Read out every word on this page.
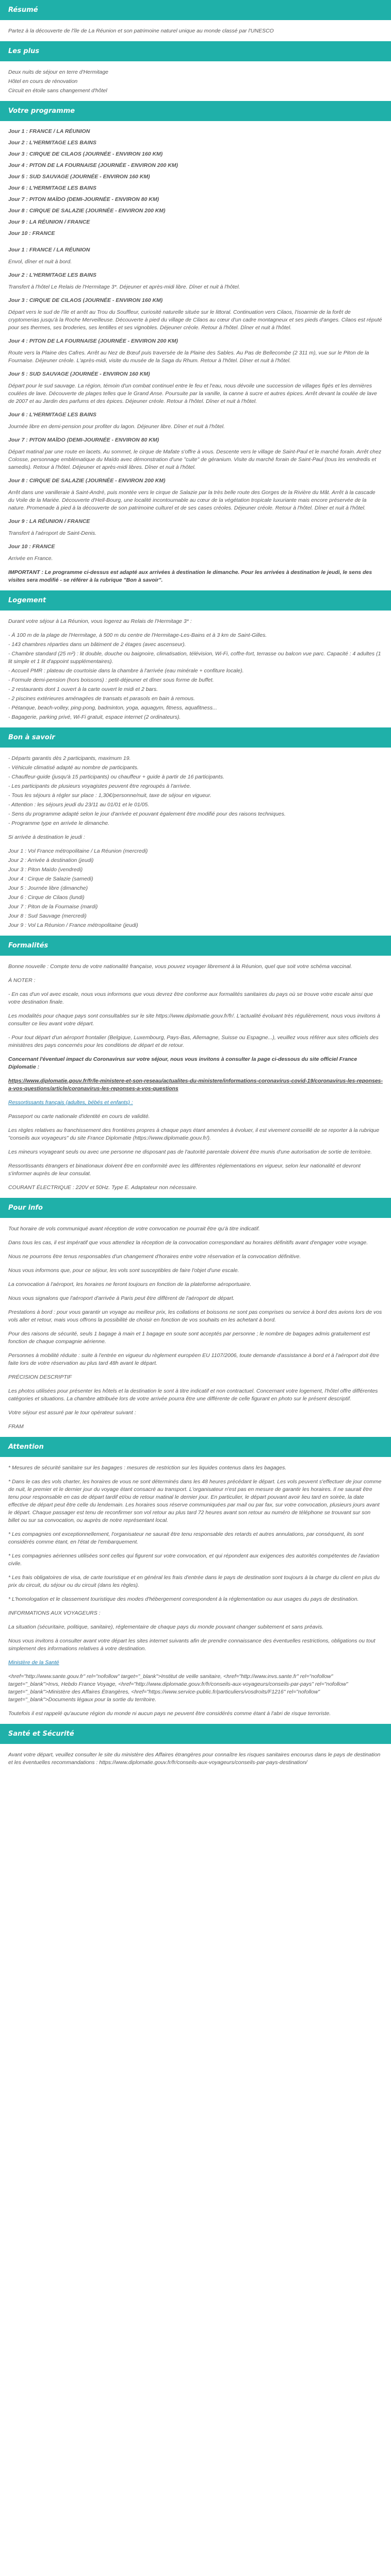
Résumé

Partez à la découverte de l'île de La Réunion et son patrimoine naturel unique au monde classé par l'UNESCO

Les plus
Deux nuits de séjour en terre d'Hermitage
Hôtel en cours de rénovation
Circuit en étoile sans changement d'hôtel
Votre programme
Jour 1 : FRANCE / LA RÉUNION
Jour 2 : L'HERMITAGE LES BAINS
Jour 3 : CIRQUE DE CILAOS (JOURNÉE - ENVIRON 160 KM)
Jour 4 : PITON DE LA FOURNAISE (JOURNÉE - ENVIRON 200 KM)
Jour 5 : SUD SAUVAGE (JOURNÉE - ENVIRON 160 KM)
Jour 6 : L'HERMITAGE LES BAINS
Jour 7 : PITON MAÏDO (DEMI-JOURNÉE - ENVIRON 80 KM)
Jour 8 : CIRQUE DE SALAZIE (JOURNÉE - ENVIRON 200 KM)
Jour 9 : LA RÉUNION / FRANCE
Jour 10 : FRANCE
Jour 1 : FRANCE / LA RÉUNION

Envol, dîner et nuit à bord.

Jour 2 : L'HERMITAGE LES BAINS

Transfert à l'hôtel Le Relais de l'Hermitage 3*. Déjeuner et après-midi libre. Dîner et nuit à l'hôtel.

Jour 3 : CIRQUE DE CILAOS (JOURNÉE - ENVIRON 160 KM)

Départ vers le sud de l'île et arrêt au Trou du Souffleur, curiosité naturelle située sur le littoral. Continuation vers Cilaos, l'isoarmie de la forêt de cryptomerias jusqu'à la Roche Merveilleuse. Découverte à pied du village de Cilaos au cœur d'un cadre montagneux et ses pieds d'anges. Cilaos est réputé pour ses thermes, ses broderies, ses lentilles et ses vignobles. Déjeuner créole. Retour à l'hôtel. Dîner et nuit à l'hôtel.

Jour 4 : PITON DE LA FOURNAISE (JOURNÉE - ENVIRON 200 KM)

Route vers la Plaine des Cafres. Arrêt au Nez de Bœuf puis traversée de la Plaine des Sables. Au Pas de Bellecombe (2 311 m), vue sur le Piton de la Fournaise. Déjeuner créole. L'après-midi, visite du musée de la Saga du Rhum. Retour à l'hôtel. Dîner et nuit à l'hôtel.

Jour 5 : SUD SAUVAGE (JOURNÉE - ENVIRON 160 KM)

Départ pour le sud sauvage. La région, témoin d'un combat continuel entre le feu et l'eau, nous dévoile une succession de villages figés et les dernières coulées de lave. Découverte de plages telles que le Grand Anse. Poursuite par la vanille, la canne à sucre et autres épices. Arrêt devant la coulée de lave de 2007 et au Jardin des parfums et des épices. Déjeuner créole. Retour à l'hôtel. Dîner et nuit à l'hôtel.

Jour 6 : L'HERMITAGE LES BAINS

Journée libre en demi-pension pour profiter du lagon. Déjeuner libre. Dîner et nuit à l'hôtel.

Jour 7 : PITON MAÏDO (DEMI-JOURNÉE - ENVIRON 80 KM)

Départ matinal par une route en lacets. Au sommet, le cirque de Mafate s'offre à vous. Descente vers le village de Saint-Paul et le marché forain. Arrêt chez Colosse, personnage emblématique du Maïdo avec démonstration d'une "cuite" de géranium. Visite du marché forain de Saint-Paul (tous les vendredis et samedis). Retour à l'hôtel. Déjeuner et après-midi libres. Dîner et nuit à l'hôtel.

Jour 8 : CIRQUE DE SALAZIE (JOURNÉE - ENVIRON 200 KM)

Arrêt dans une vanilleraie à Saint-André, puis montée vers le cirque de Salazie par la très belle route des Gorges de la Rivière du Mât. Arrêt à la cascade du Voile de la Mariée. Découverte d'Hell-Bourg, une localité incontournable au cœur de la végétation tropicale luxuriante mais encore préservée de la nature. Promenade à pied à la découverte de son patrimoine culturel et de ses cases créoles. Déjeuner créole. Retour à l'hôtel. Dîner et nuit à l'hôtel.

Jour 9 : LA RÉUNION / FRANCE

Transfert à l'aéroport de Saint-Denis.

Jour 10 : FRANCE

Arrivée en France.

IMPORTANT : Le programme ci-dessus est adapté aux arrivées à destination le dimanche. Pour les arrivées à destination le jeudi, le sens des visites sera modifié - se référer à la rubrique "Bon à savoir".

Logement

Durant votre séjour à La Réunion, vous logerez au Relais de l'Hermitage 3* :

- À 100 m de la plage de l'Hermitage, à 500 m du centre de l'Hermitage-Les-Bains et à 3 km de Saint-Gilles.
- 143 chambres réparties dans un bâtiment de 2 étages (avec ascenseur).
- Chambre standard (25 m²) : lit double, douche ou baignoire, climatisation, télévision, Wi-Fi, coffre-fort, terrasse ou balcon vue parc. Capacité : 4 adultes (1 lit simple et 1 lit d'appoint supplémentaires).
- Accueil PMR : plateau de courtoisie dans la chambre à l'arrivée (eau minérale + confiture locale).
- Formule demi-pension (hors boissons) : petit-déjeuner et dîner sous forme de buffet.
- 2 restaurants dont 1 ouvert à la carte ouvert le midi et 2 bars.
- 2 piscines extérieures aménagées de transats et parasols en bain à remous.
- Pétanque, beach-volley, ping-pong, badminton, yoga, aquagym, fitness, aquafitness...
- Bagagerie, parking privé, Wi-Fi gratuit, espace internet (2 ordinateurs).
Bon à savoir
- Départs garantis dès 2 participants, maximum 19.
- Véhicule climatisé adapté au nombre de participants.
- Chauffeur-guide (jusqu'à 15 participants) ou chauffeur + guide à partir de 16 participants.
- Les participants de plusieurs voyagistes peuvent être regroupés à l'arrivée.
- Tous les séjours à régler sur place : 1,30€/personne/nuit, taxe de séjour en vigueur.
- Attention : les séjours jeudi du 23/11 au 01/01 et le 01/05.
- Sens du programme adapté selon le jour d'arrivée et pouvant également être modifié pour des raisons techniques.
- Programme type en arrivée le dimanche.

Si arrivée à destination le jeudi :

Jour 1 : Vol France métropolitaine / La Réunion (mercredi)
Jour 2 : Arrivée à destination (jeudi)
Jour 3 : Piton Maïdo (vendredi)
Jour 4 : Cirque de Salazie (samedi)
Jour 5 : Journée libre (dimanche)
Jour 6 : Cirque de Cilaos (lundi)
Jour 7 : Piton de la Fournaise (mardi)
Jour 8 : Sud Sauvage (mercredi)
Jour 9 : Vol La Réunion / France métropolitaine (jeudi)
Formalités

Bonne nouvelle : Compte tenu de votre nationalité française, vous pouvez voyager librement à la Réunion, quel que soit votre schéma vaccinal.

À NOTER :

- En cas d'un vol avec escale, nous vous informons que vous devrez être conforme aux formalités sanitaires du pays où se trouve votre escale ainsi que votre destination finale.

Les modalités pour chaque pays sont consultables sur le site https://www.diplomatie.gouv.fr/fr/. L'actualité évoluant très régulièrement, nous vous invitons à consulter ce lieu avant votre départ.

- Pour tout départ d'un aéroport frontalier (Belgique, Luxembourg, Pays-Bas, Allemagne, Suisse ou Espagne...), veuillez vous référer aux sites officiels des ministères des pays concernés pour les conditions de départ et de retour.

Concernant l'éventuel impact du Coronavirus sur votre séjour, nous vous invitons à consulter la page ci-dessous du site officiel France Diplomatie :

https://www.diplomatie.gouv.fr/fr/le-ministere-et-son-reseau/actualites-du-ministere/informations-coronavirus-covid-19/coronavirus-les-reponses-a-vos-questions/article/coronavirus-les-reponses-a-vos-questions

Ressortissants français (adultes, bébés et enfants) :

Passeport ou carte nationale d'identité en cours de validité.

Les règles relatives au franchissement des frontières propres à chaque pays étant amenées à évoluer, il est vivement conseillé de se reporter à la rubrique "conseils aux voyageurs" du site France Diplomatie (https://www.diplomatie.gouv.fr/).

Les mineurs voyageant seuls ou avec une personne ne disposant pas de l'autorité parentale doivent être munis d'une autorisation de sortie de territoire.

Ressortissants étrangers et binationaux doivent être en conformité avec les différentes réglementations en vigueur, selon leur nationalité et devront s'informer auprès de leur consulat.

COURANT ÉLECTRIQUE : 220V et 50Hz. Type E. Adaptateur non nécessaire.

Pour info

Tout horaire de vols communiqué avant réception de votre convocation ne pourrait être qu'à titre indicatif.

Dans tous les cas, il est impératif que vous attendiez la réception de la convocation correspondant au horaires définitifs avant d'engager votre voyage.

Nous ne pourrons être tenus responsables d'un changement d'horaires entre votre réservation et la convocation définitive.

Nous vous informons que, pour ce séjour, les vols sont susceptibles de faire l'objet d'une escale.

La convocation à l'aéroport, les horaires ne feront toujours en fonction de la plateforme aéroportuaire.

Nous vous signalons que l'aéroport d'arrivée à Paris peut être différent de l'aéroport de départ.

Prestations à bord : pour vous garantir un voyage au meilleur prix, les collations et boissons ne sont pas comprises ou service à bord des avions lors de vos vols aller et retour, mais vous offrons la possibilité de choisir en fonction de vos souhaits en les achetant à bord.

Pour des raisons de sécurité, seuls 1 bagage à main et 1 bagage en soute sont acceptés par personne ; le nombre de bagages admis gratuitement est fonction de chaque compagnie aérienne.

Personnes à mobilité réduite : suite à l'entrée en vigueur du règlement européen EU 1107/2006, toute demande d'assistance à bord et à l'aéroport doit être faite lors de votre réservation au plus tard 48h avant le départ.

PRÉCISION DESCRIPTIF

Les photos utilisées pour présenter les hôtels et la destination le sont à titre indicatif et non contractuel. Concernant votre logement, l'hôtel offre différentes catégories et situations. La chambre attribuée lors de votre arrivée pourra être une différente de celle figurant en photo sur le présent descriptif.

Votre séjour est assuré par le tour opérateur suivant :

FRAM

Attention

* Mesures de sécurité sanitaire sur les bagages : mesures de restriction sur les liquides contenus dans les bagages.

* Dans le cas des vols charter, les horaires de vous ne sont déterminés dans les 48 heures précédant le départ. Les vols peuvent s'effectuer de jour comme de nuit, le premier et le dernier jour du voyage étant consacré au transport. L'organisateur n'est pas en mesure de garantir les horaires. Il ne saurait être tenu pour responsable en cas de départ tardif et/ou de retour matinal le dernier jour. En particulier, le départ pouvant avoir lieu tard en soirée, la date effective de départ peut être celle du lendemain. Les horaires sous réserve communiquées par mail ou par fax, sur votre convocation, plusieurs jours avant le départ. Chaque passager est tenu de reconfirmer son vol retour au plus tard 72 heures avant son retour au numéro de téléphone se trouvant sur son billet ou sur sa convocation, ou auprès de notre représentant local.

* Les compagnies ont exceptionnellement, l'organisateur ne saurait être tenu responsable des retards et autres annulations, par conséquent, ils sont considérés comme étant, en l'état de l'embarquement.

* Les compagnies aériennes utilisées sont celles qui figurent sur votre convocation, et qui répondent aux exigences des autorités compétentes de l'aviation civile.

* Les frais obligatoires de visa, de carte touristique et en général les frais d'entrée dans le pays de destination sont toujours à la charge du client en plus du prix du circuit, du séjour ou du circuit (dans les règles).

* L'homologation et le classement touristique des modes d'hébergement correspondent à la réglementation ou aux usages du pays de destination.

INFORMATIONS AUX VOYAGEURS :

La situation (sécuritaire, politique, sanitaire), réglementaire de chaque pays du monde pouvant changer subitement et sans préavis.

Nous vous invitons à consulter avant votre départ les sites internet suivants afin de prendre connaissance des éventuelles restrictions, obligations ou tout simplement des informations relatives à votre destination.

Ministère de la Santé

<href="http://www.sante.gouv.fr" rel="nofollow" target="_blank">Institut de veille sanitaire, <href="http://www.invs.sante.fr" rel="nofollow" target="_blank">Invs, Hebdo France Voyage, <href="http://www.diplomatie.gouv.fr/fr/conseils-aux-voyageurs/conseils-par-pays" rel="nofollow" target="_blank">Ministère des Affaires Étrangères, <href="https://www.service-public.fr/particuliers/vosdroits/F1216" rel="nofollow" target="_blank">Documents légaux pour la sortie du territoire.

Toutefois il est rappelé qu'aucune région du monde ni aucun pays ne peuvent être considérés comme étant à l'abri de risque terroriste.

Santé et Sécurité

Avant votre départ, veuillez consulter le site du ministère des Affaires étrangères pour connaître les risques sanitaires encourus dans le pays de destination et les éventuelles recommandations : https://www.diplomatie.gouv.fr/fr/conseils-aux-voyageurs/conseils-par-pays-destination/
